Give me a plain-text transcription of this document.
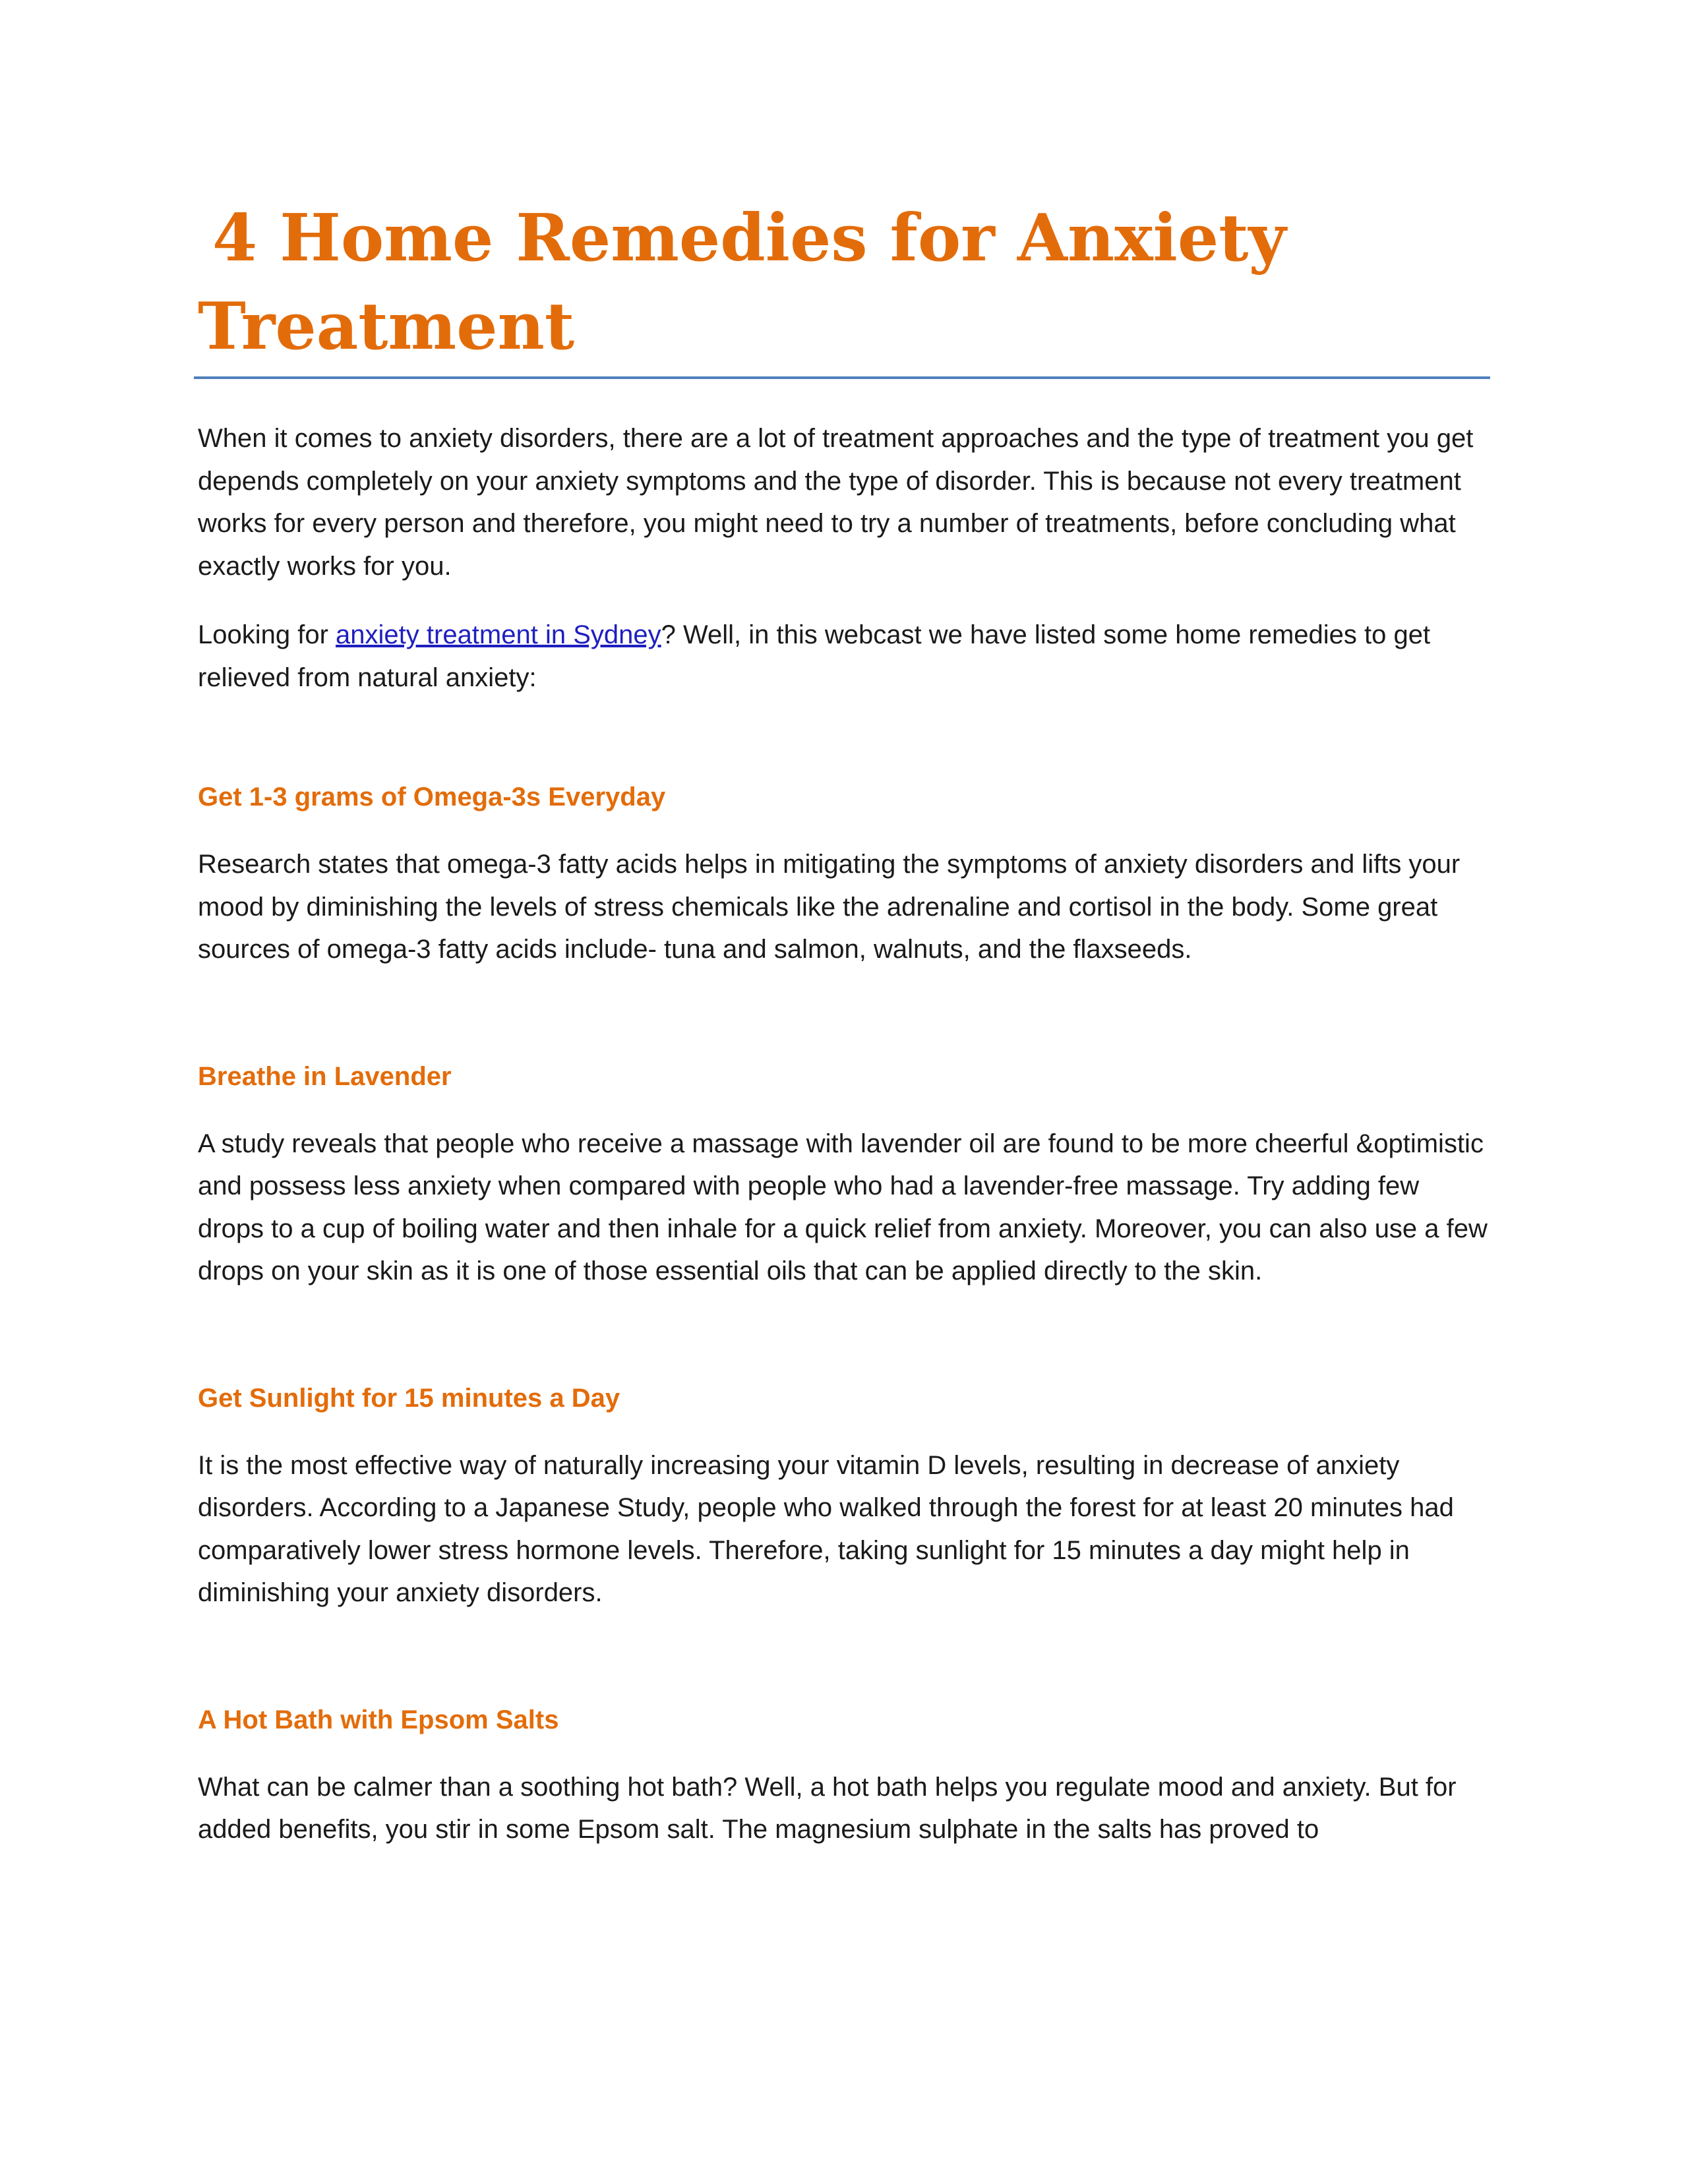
4 Home Remedies for Anxiety
Treatment

When it comes to anxiety disorders, there are a lot of treatment approaches and the type of treatment you get depends completely on your anxiety symptoms and the type of disorder. This is because not every treatment works for every person and therefore, you might need to try a number of treatments, before concluding what exactly works for you.

Looking for anxiety treatment in Sydney? Well, in this webcast we have listed some home remedies to get relieved from natural anxiety:

Get 1-3 grams of Omega-3s Everyday

Research states that omega-3 fatty acids helps in mitigating the symptoms of anxiety disorders and lifts your mood by diminishing the levels of stress chemicals like the adrenaline and cortisol in the body. Some great sources of omega-3 fatty acids include- tuna and salmon, walnuts, and the flaxseeds.

Breathe in Lavender

A study reveals that people who receive a massage with lavender oil are found to be more cheerful &optimistic and possess less anxiety when compared with people who had a lavender-free massage. Try adding few drops to a cup of boiling water and then inhale for a quick relief from anxiety. Moreover, you can also use a few drops on your skin as it is one of those essential oils that can be applied directly to the skin.

Get Sunlight for 15 minutes a Day

It is the most effective way of naturally increasing your vitamin D levels, resulting in decrease of anxiety disorders. According to a Japanese Study, people who walked through the forest for at least 20 minutes had comparatively lower stress hormone levels. Therefore, taking sunlight for 15 minutes a day might help in diminishing your anxiety disorders.

A Hot Bath with Epsom Salts

What can be calmer than a soothing hot bath? Well, a hot bath helps you regulate mood and anxiety. But for added benefits, you stir in some Epsom salt. The magnesium sulphate in the salts has proved to
